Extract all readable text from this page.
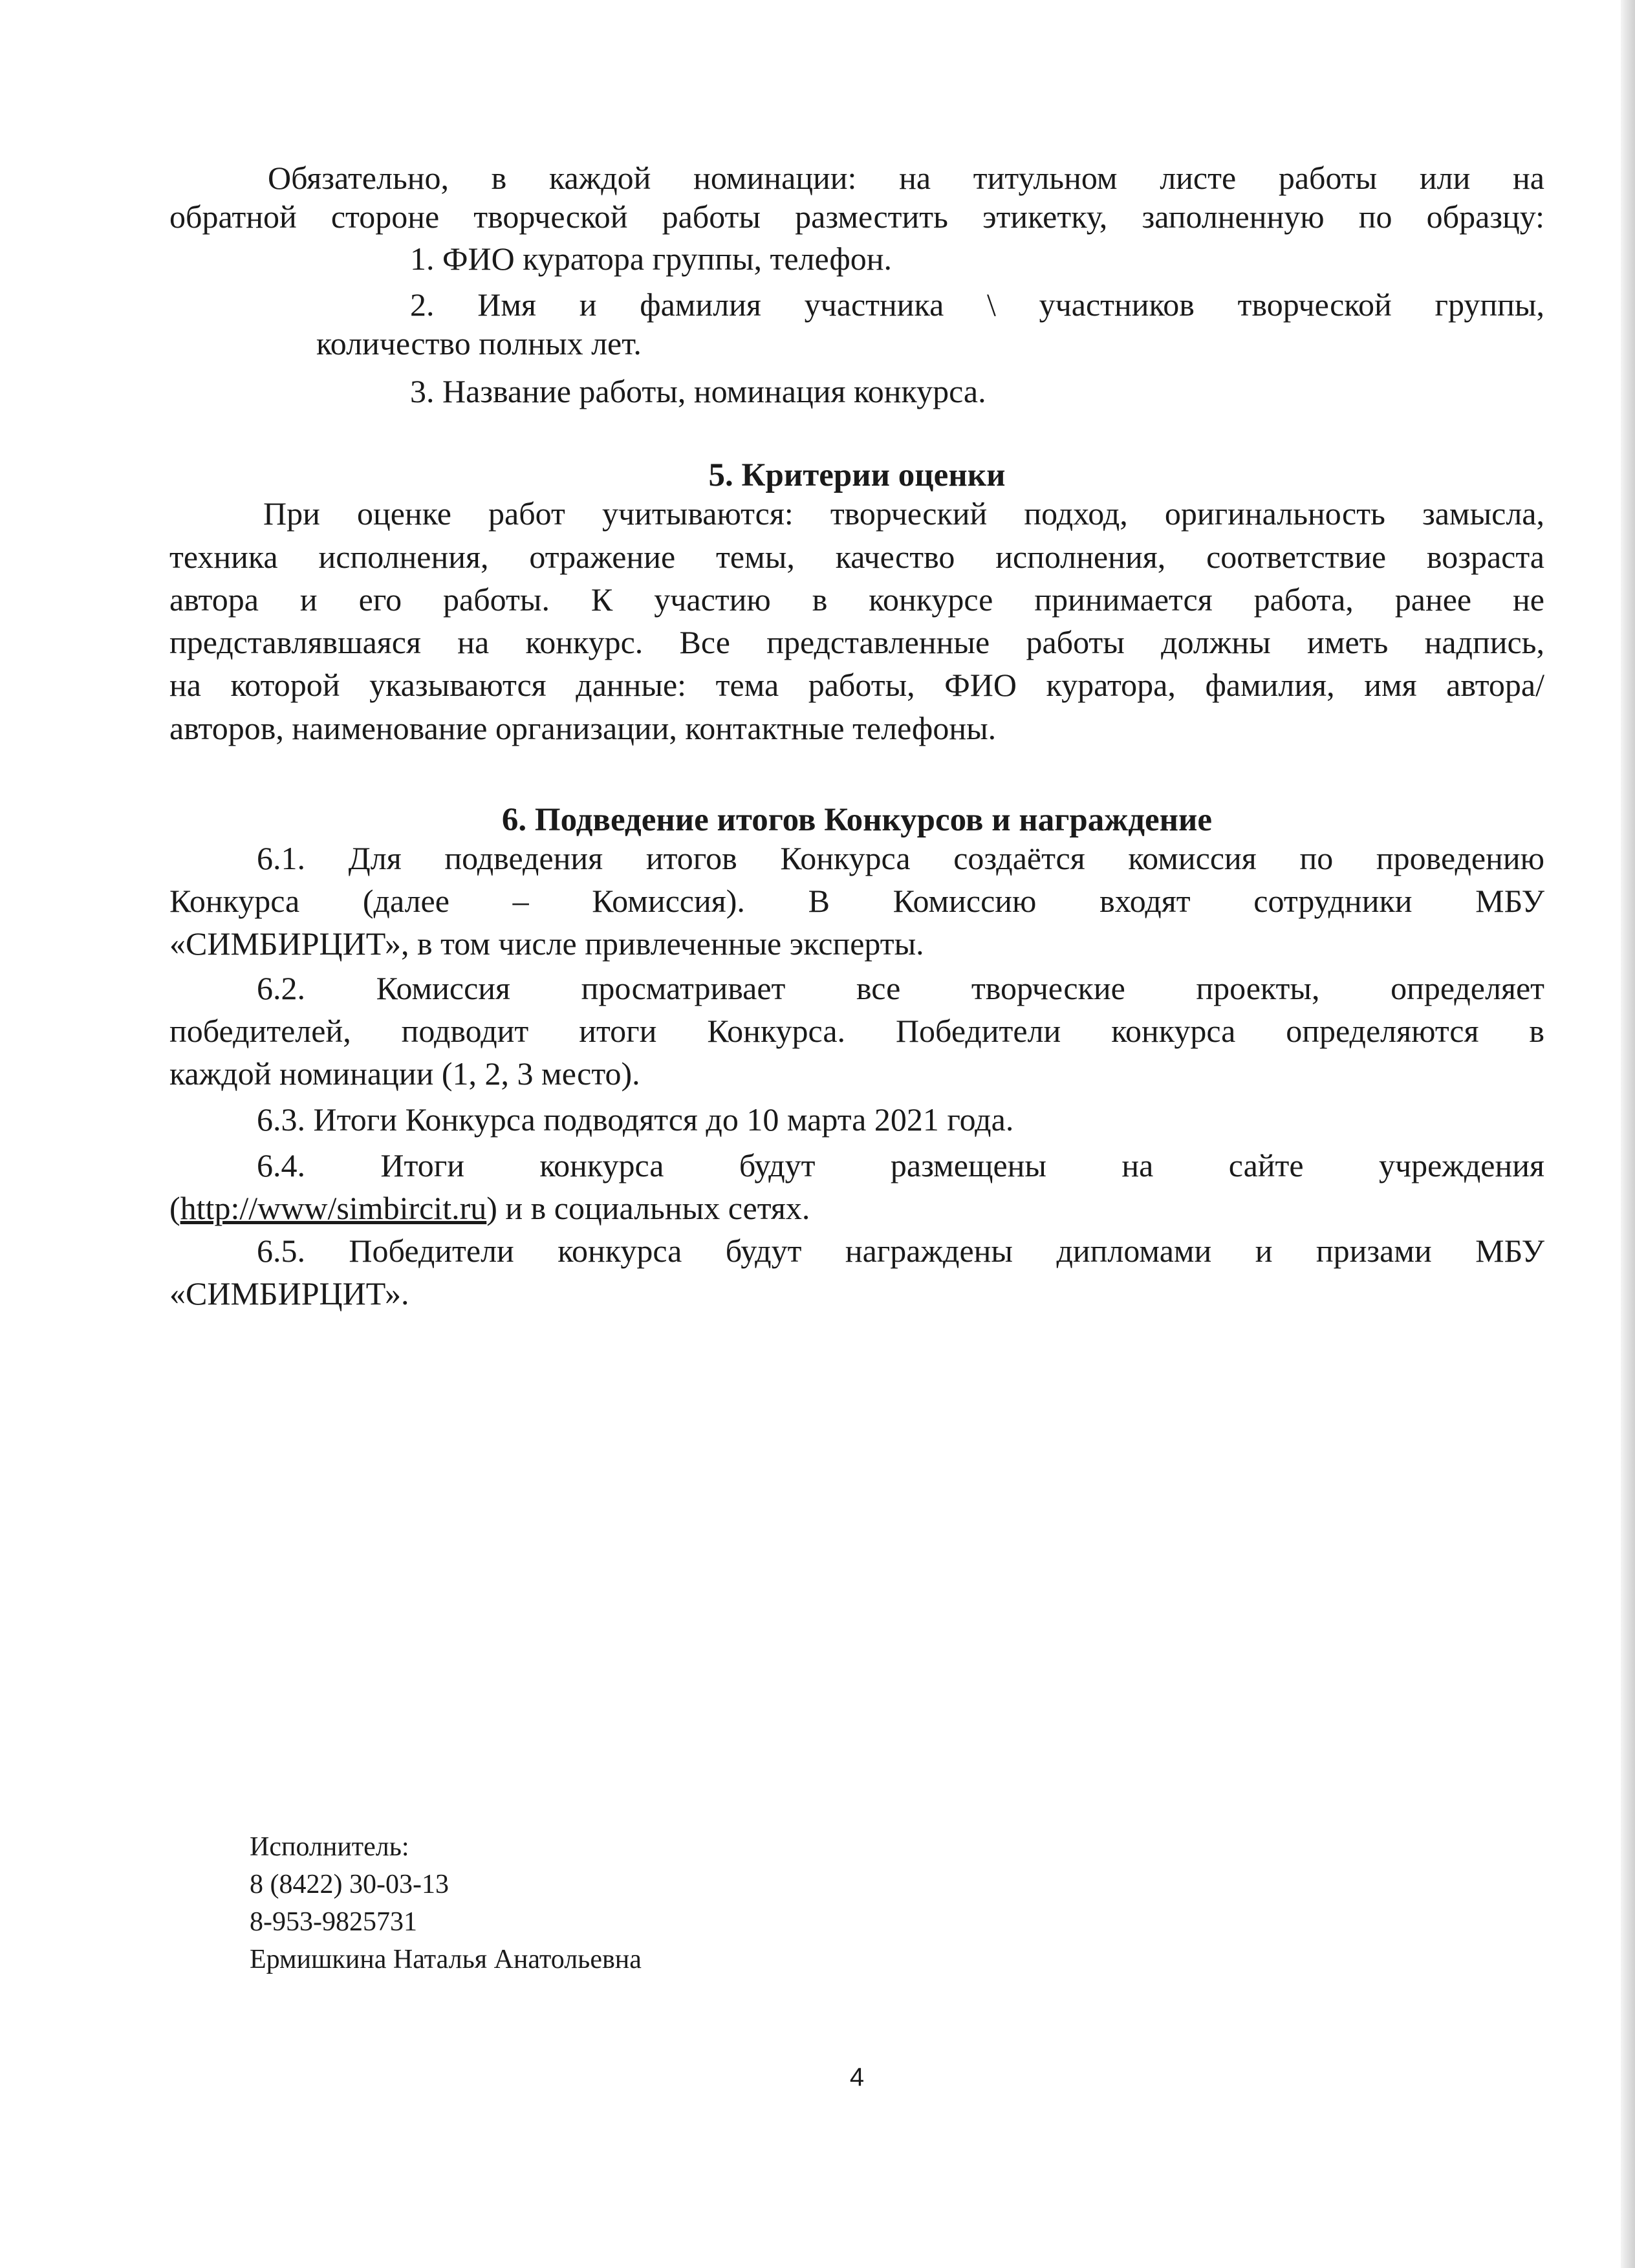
Обязательно, в каждой номинации: на титульном листе работы или на
обратной стороне творческой работы разместить этикетку, заполненную по образцу:
1. ФИО куратора группы, телефон.
2. Имя и фамилия участника \ участников творческой группы,
количество полных лет.
3. Название работы, номинация конкурса.
5. Критерии оценки
При оценке работ учитываются: творческий подход, оригинальность замысла,
техника исполнения, отражение темы, качество исполнения, соответствие возраста
автора и его работы. К участию в конкурсе принимается работа, ранее не
представлявшаяся на конкурс. Все представленные работы должны иметь надпись,
на которой указываются данные: тема работы, ФИО куратора, фамилия, имя автора/
авторов, наименование организации, контактные телефоны.
6. Подведение итогов Конкурсов и награждение
6.1. Для подведения итогов Конкурса создаётся комиссия по проведению
Конкурса (далее – Комиссия). В Комиссию входят сотрудники МБУ
«СИМБИРЦИТ», в том числе привлеченные эксперты.
6.2. Комиссия просматривает все творческие проекты, определяет
победителей, подводит итоги Конкурса. Победители конкурса определяются в
каждой номинации (1, 2, 3 место).
6.3. Итоги Конкурса подводятся до 10 марта 2021 года.
6.4. Итоги конкурса будут размещены на сайте учреждения
(http://www/simbircit.ru) и в социальных сетях.
6.5. Победители конкурса будут награждены дипломами и призами МБУ
«СИМБИРЦИТ».
Исполнитель:
8 (8422) 30-03-13
8-953-9825731
Ермишкина Наталья Анатольевна
4
